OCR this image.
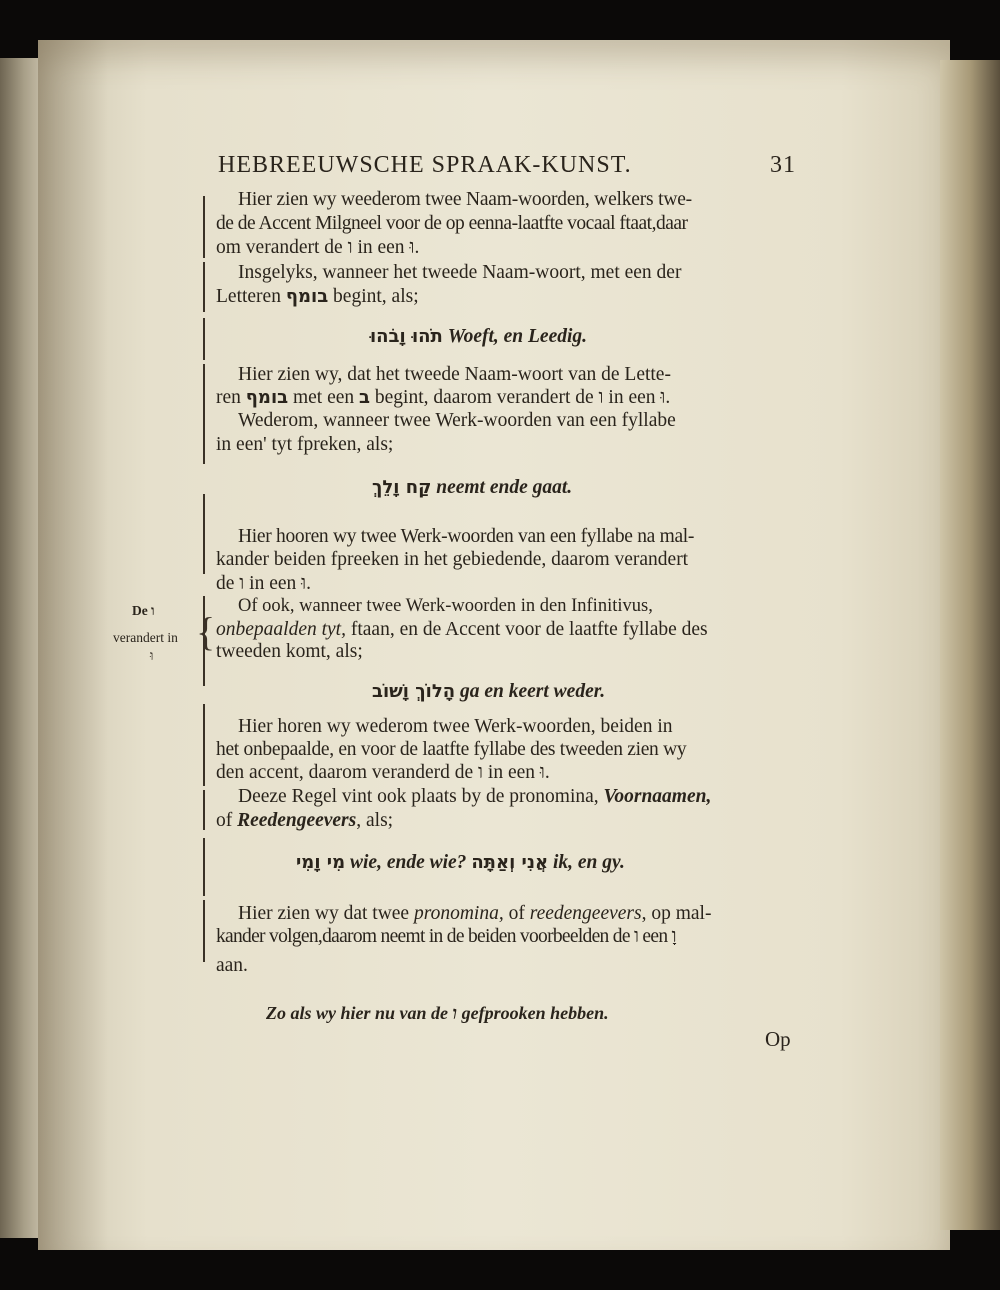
HEBREEUWSCHE SPRAAK-KUNST.	31
{
De ו
verandert in
וּ
Hier zien wy weederom twee Naam-woorden, welkers twe-
de de Accent Milgneel voor de op eenna-laatfte vocaal ftaat,daar
om verandert de ו in een וּ.
Insgelyks, wanneer het tweede Naam-woort, met een der
Letteren בומף begint, als;
תֹהוּ וָבֹהוּ Woeft, en Leedig.
Hier zien wy, dat het tweede Naam-woort van de Lette-
ren בומף met een ב begint, daarom verandert de ו in een וּ.
Wederom, wanneer twee Werk-woorden van een fyllabe
in een' tyt fpreken, als;
קַח וָלֵךְ neemt ende gaat.
Hier hooren wy twee Werk-woorden van een fyllabe na mal-
kander beiden fpreeken in het gebiedende, daarom verandert
de ו in een וּ.
Of ook, wanneer twee Werk-woorden in den Infinitivus,
onbepaalden tyt, ftaan, en de Accent voor de laatfte fyllabe des
tweeden komt, als;
הָלוֹךְ וָשׁוֹב ga en keert weder.
Hier horen wy wederom twee Werk-woorden, beiden in
het onbepaalde, en voor de laatfte fyllabe des tweeden zien wy
den accent, daarom veranderd de ו in een וּ.
Deeze Regel vint ook plaats by de pronomina, Voornaamen,
of Reedengeevers, als;
מִי וָמִי wie, ende wie? אֲנִי וְאַתָּה ik, en gy.
Hier zien wy dat twee pronomina, of reedengeevers, op mal-
kander volgen,daarom neemt in de beiden voorbeelden de ו een וָ
aan.
Zo als wy hier nu van de ו gefprooken hebben.
Op
